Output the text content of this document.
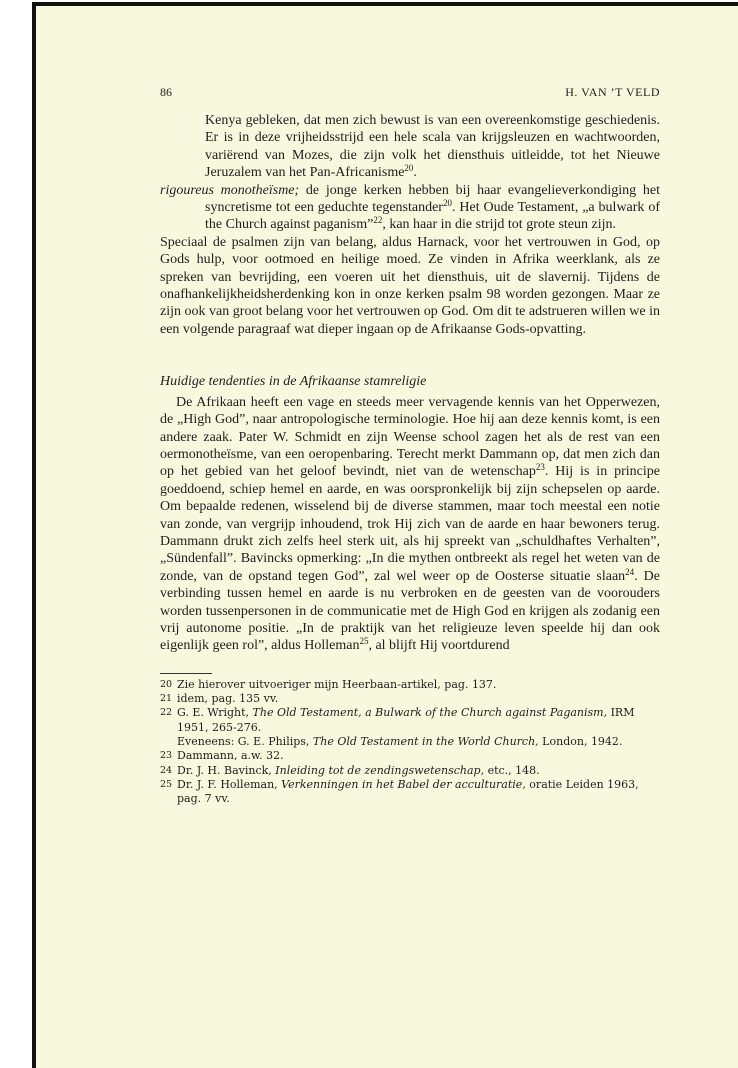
86	H. VAN ’T VELD

Kenya gebleken, dat men zich bewust is van een overeenkomstige geschiedenis. Er is in deze vrijheidsstrijd een hele scala van krijgsleuzen en wachtwoorden, variërend van Mozes, die zijn volk het diensthuis uitleidde, tot het Nieuwe Jeruzalem van het Pan-Africanisme$^{20}$.

rigoureus monotheïsme; de jonge kerken hebben bij haar evangelieverkondiging het syncretisme tot een geduchte tegenstander$^{20}$. Het Oude Testament, „a bulwark of the Church against paganism”$^{22}$, kan haar in die strijd tot grote steun zijn.

Speciaal de psalmen zijn van belang, aldus Harnack, voor het vertrouwen in God, op Gods hulp, voor ootmoed en heilige moed. Ze vinden in Afrika weerklank, als ze spreken van bevrijding, een voeren uit het diensthuis, uit de slavernij. Tijdens de onafhankelijkheidsherdenking kon in onze kerken psalm 98 worden gezongen. Maar ze zijn ook van groot belang voor het vertrouwen op God. Om dit te adstrueren willen we in een volgende paragraaf wat dieper ingaan op de Afrikaanse Gods-opvatting.

Huidige tendenties in de Afrikaanse stamreligie

De Afrikaan heeft een vage en steeds meer vervagende kennis van het Opperwezen, de „High God”, naar antropologische terminologie. Hoe hij aan deze kennis komt, is een andere zaak. Pater W. Schmidt en zijn Weense school zagen het als de rest van een oermonotheïsme, van een oeropenbaring. Terecht merkt Dammann op, dat men zich dan op het gebied van het geloof bevindt, niet van de wetenschap$^{23}$. Hij is in principe goeddoend, schiep hemel en aarde, en was oorspronkelijk bij zijn schepselen op aarde. Om bepaalde redenen, wisselend bij de diverse stammen, maar toch meestal een notie van zonde, van vergrijp inhoudend, trok Hij zich van de aarde en haar bewoners terug. Dammann drukt zich zelfs heel sterk uit, als hij spreekt van „schuldhaftes Verhalten”, „Sündenfall”. Bavincks opmerking: „In die mythen ontbreekt als regel het weten van de zonde, van de opstand tegen God”, zal wel weer op de Oosterse situatie slaan$^{24}$. De verbinding tussen hemel en aarde is nu verbroken en de geesten van de voorouders worden tussenpersonen in de communicatie met de High God en krijgen als zodanig een vrij autonome positie. „In de praktijk van het religieuze leven speelde hij dan ook eigenlijk geen rol”, aldus Holleman$^{25}$, al blijft Hij voortdurend

20 Zie hierover uitvoeriger mijn Heerbaan-artikel, pag. 137.
21 idem, pag. 135 vv.
22 G. E. Wright, The Old Testament, a Bulwark of the Church against Paganism, IRM 1951, 265-276.
Eveneens: G. E. Philips, The Old Testament in the World Church, London, 1942.
23 Dammann, a.w. 32.
24 Dr. J. H. Bavinck, Inleiding tot de zendingswetenschap, etc., 148.
25 Dr. J. F. Holleman, Verkenningen in het Babel der acculturatie, oratie Leiden 1963, pag. 7 vv.
